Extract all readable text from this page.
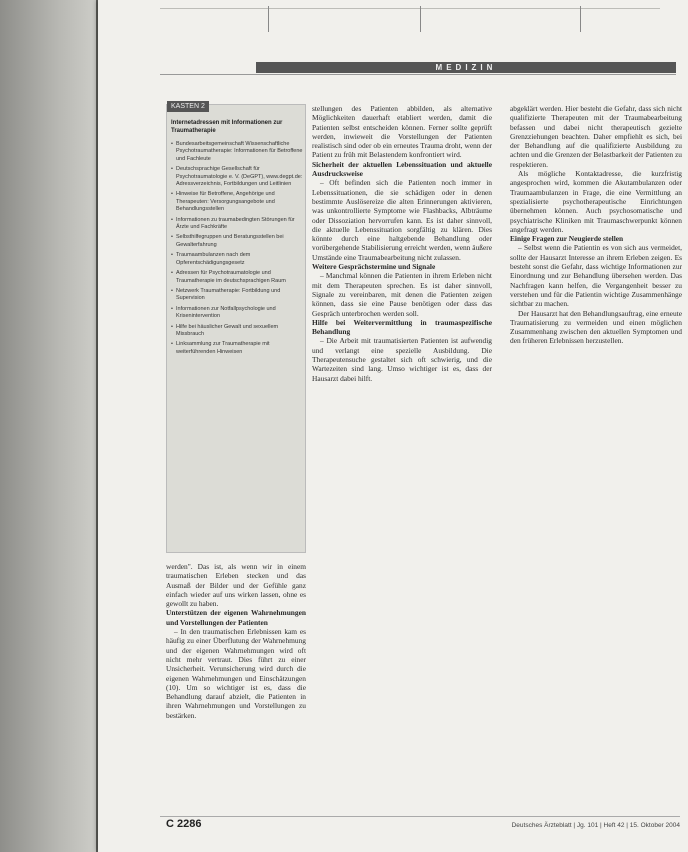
MEDIZIN
KASTEN 2
Internetadressen mit Informationen zur Traumatherapie
• Bundesarbeitsgemeinschaft Wissenschaftliche Psychotraumatherapie: Informationen für Betroffene und Fachleute
• Deutschsprachige Gesellschaft für Psychotraumatologie e. V. (DeGPT), www.degpt.de: Adressverzeichnis, Fortbildungen und Leitlinien
• Hinweise für Betroffene, Angehörige und Therapeuten: Versorgungsangebote und Behandlungsstellen
• Informationen zu traumabedingten Störungen für Ärzte und Fachkräfte
• Selbsthilfegruppen und Beratungsstellen bei Gewalterfahrung
• Traumaambulanzen nach dem Opferentschädigungsgesetz
• Adressen für Psychotraumatologie und Traumatherapie im deutschsprachigen Raum
• Netzwerk Traumatherapie: Fortbildung und Supervision
• Informationen zur Notfallpsychologie und Krisenintervention
• Hilfe bei häuslicher Gewalt und sexuellem Missbrauch
• Linksammlung zur Traumatherapie mit weiterführenden Hinweisen

werden". Das ist, als wenn wir in einem traumatischen Erleben stecken und das Ausmaß der Bilder und der Gefühle ganz einfach wieder auf uns wirken lassen, ohne es gewollt zu haben.

Unterstützen der eigenen Wahrnehmungen und Vorstellungen der Patienten

– In den traumatischen Erlebnissen kam es häufig zu einer Überflutung der Wahrnehmung und der eigenen Wahrnehmungen wird oft nicht mehr vertraut. Dies führt zu einer Unsicherheit. Verunsicherung wird durch die eigenen Wahrnehmungen und Einschätzungen (10). Um so wichtiger ist es, dass die Behandlung darauf abzielt, die Patienten in ihren Wahrnehmungen und Vorstellungen zu bestärken.

stellungen des Patienten abbilden, als alternative Möglichkeiten dauerhaft etabliert werden, damit die Patienten selbst entscheiden können. Ferner sollte geprüft werden, inwieweit die Vorstellungen der Patienten realistisch sind oder ob ein erneutes Trauma droht, wenn der Patient zu früh mit Belastendem konfrontiert wird.

Sicherheit der aktuellen Lebenssituation und aktuelle Ausdrucksweise

– Oft befinden sich die Patienten noch immer in Lebenssituationen, die sie schädigen oder in denen bestimmte Auslösereize die alten Erinnerungen aktivieren, was unkontrollierte Symptome wie Flashbacks, Albträume oder Dissoziation hervorrufen kann. Es ist daher sinnvoll, die aktuelle Lebenssituation sorgfältig zu klären. Dies könnte durch eine haltgebende Behandlung oder vorübergehende Stabilisierung erreicht werden, wenn äußere Umstände eine Traumabearbeitung nicht zulassen.

Weitere Gesprächstermine und Signale

– Manchmal können die Patienten in ihrem Erleben nicht mit dem Therapeuten sprechen. Es ist daher sinnvoll, Signale zu vereinbaren, mit denen die Patienten zeigen können, dass sie eine Pause benötigen oder dass das Gespräch unterbrochen werden soll.

Hilfe bei Weitervermittlung in traumaspezifische Behandlung

– Die Arbeit mit traumatisierten Patienten ist aufwendig und verlangt eine spezielle Ausbildung. Die Therapeutensuche gestaltet sich oft schwierig, und die Wartezeiten sind lang. Umso wichtiger ist es, dass der Hausarzt dabei hilft.

abgeklärt werden. Hier besteht die Gefahr, dass sich nicht qualifizierte Therapeuten mit der Traumabearbeitung befassen und dabei nicht therapeutisch gezielte Grenzziehungen beachten. Daher empfiehlt es sich, bei der Behandlung auf die qualifizierte Ausbildung zu achten und die Grenzen der Belastbarkeit der Patienten zu respektieren.

Als mögliche Kontaktadresse, die kurzfristig angesprochen wird, kommen die Akutambulanzen oder Traumaambulanzen in Frage, die eine Vermittlung an spezialisierte psychotherapeutische Einrichtungen übernehmen können. Auch psychosomatische und psychiatrische Kliniken mit Traumaschwerpunkt können angefragt werden.

Einige Fragen zur Neugierde stellen

– Selbst wenn die Patientin es von sich aus vermeidet, sollte der Hausarzt Interesse an ihrem Erleben zeigen. Es besteht sonst die Gefahr, dass wichtige Informationen zur Einordnung und zur Behandlung übersehen werden. Das Nachfragen kann helfen, die Vergangenheit besser zu verstehen und für die Patientin wichtige Zusammenhänge sichtbar zu machen.

Der Hausarzt hat den Behandlungsauftrag, eine erneute Traumatisierung zu vermeiden und einen möglichen Zusammenhang zwischen den aktuellen Symptomen und den früheren Erlebnissen herzustellen.

C 2286	Deutsches Ärzteblatt | Jg. 101 | Heft 42 | 15. Oktober 2004
